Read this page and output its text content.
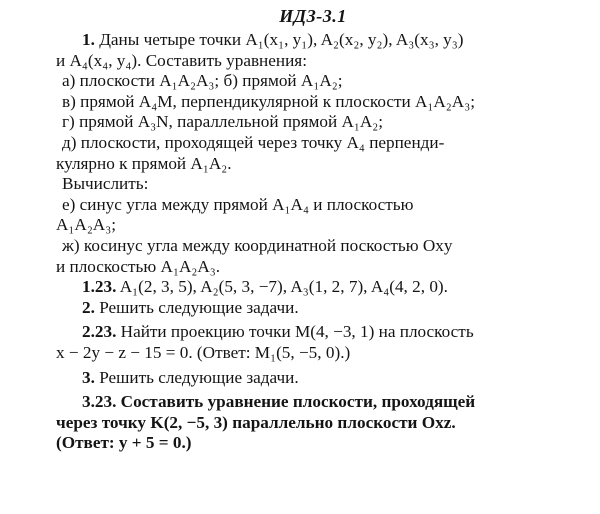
ИДЗ-3.1
1. Даны четыре точки A₁(x₁, y₁), A₂(x₂, y₂), A₃(x₃, y₃)
и A₄(x₄, y₄). Составить уравнения:
а) плоскости A₁A₂A₃; б) прямой A₁A₂;
в) прямой A₄M, перпендикулярной к плоскости A₁A₂A₃;
г) прямой A₃N, параллельной прямой A₁A₂;
д) плоскости, проходящей через точку A₄ перпенди-
кулярно к прямой A₁A₂.
Вычислить:
е) синус угла между прямой A₁A₄ и плоскостью
A₁A₂A₃;
ж) косинус угла между координатной поскостью Oxy
и плоскостью A₁A₂A₃.
1.23. A₁(2, 3, 5), A₂(5, 3, −7), A₃(1, 2, 7), A₄(4, 2, 0).
2. Решить следующие задачи.
2.23. Найти проекцию точки M(4, −3, 1) на плоскость
x − 2y − z − 15 = 0. (Ответ: M₁(5, −5, 0).)
3. Решить следующие задачи.
3.23. Составить уравнение плоскости, проходящей
через точку K(2, −5, 3) параллельно плоскости Oxz.
(Ответ: y + 5 = 0.)
